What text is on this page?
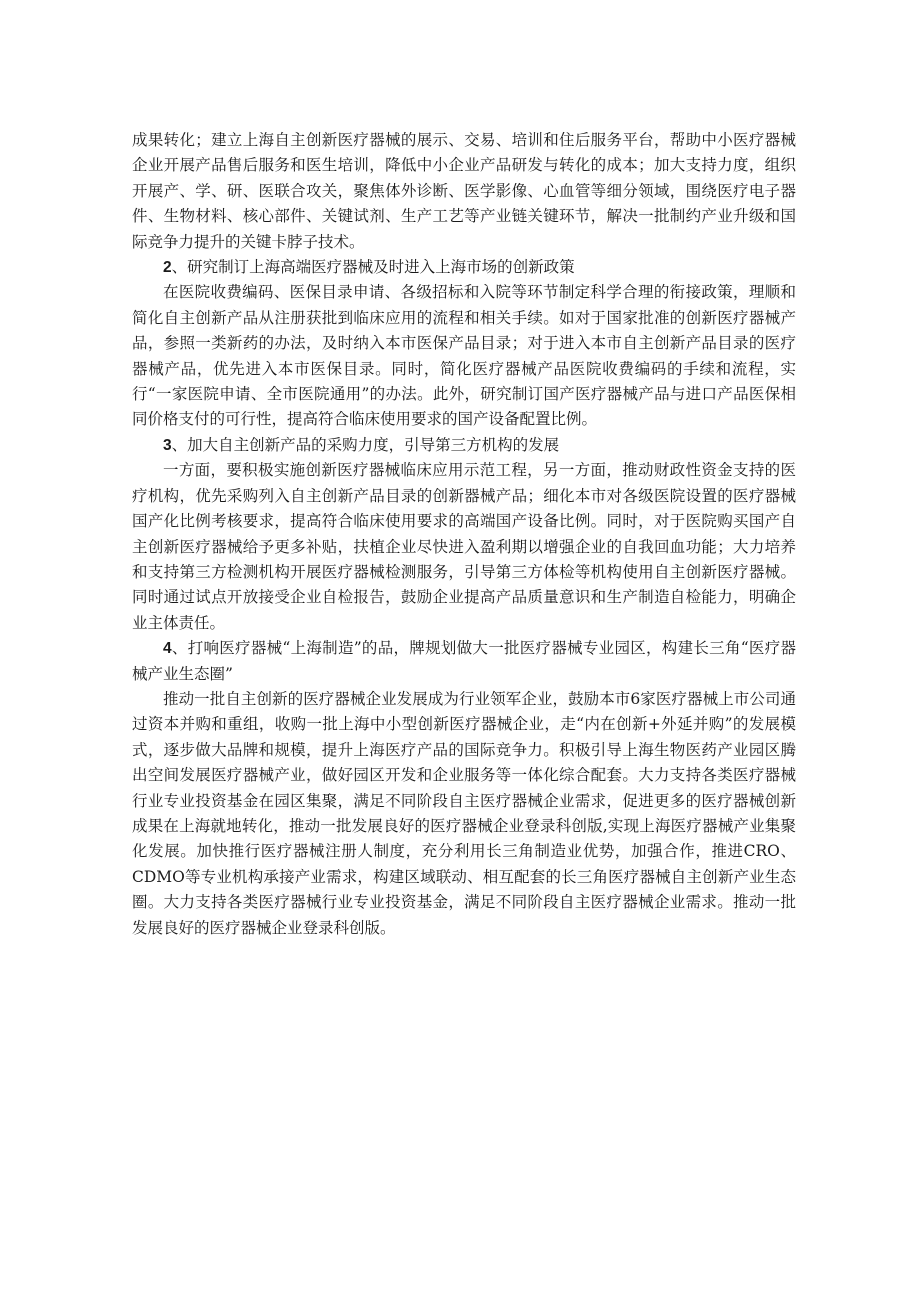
成果转化；建立上海自主创新医疗器械的展示、交易、培训和住后服务平台，帮助中小医疗器械企业开展产品售后服务和医生培训，降低中小企业产品研发与转化的成本；加大支持力度，组织开展产、学、研、医联合攻关，聚焦体外诊断、医学影像、心血管等细分领域，围绕医疗电子器件、生物材料、核心部件、关键试剂、生产工艺等产业链关键环节，解决一批制约产业升级和国际竞争力提升的关键卡脖子技术。

2、研究制订上海高端医疗器械及时进入上海市场的创新政策

在医院收费编码、医保目录申请、各级招标和入院等环节制定科学合理的衔接政策，理顺和简化自主创新产品从注册获批到临床应用的流程和相关手续。如对于国家批准的创新医疗器械产品，参照一类新药的办法，及时纳入本市医保产品目录；对于进入本市自主创新产品目录的医疗器械产品，优先进入本市医保目录。同时，简化医疗器械产品医院收费编码的手续和流程，实行“一家医院申请、全市医院通用”的办法。此外，研究制订国产医疗器械产品与进口产品医保相同价格支付的可行性，提高符合临床使用要求的国产设备配置比例。

3、加大自主创新产品的采购力度，引导第三方机构的发展

一方面，要积极实施创新医疗器械临床应用示范工程，另一方面，推动财政性资金支持的医疗机构，优先采购列入自主创新产品目录的创新器械产品；细化本市对各级医院设置的医疗器械国产化比例考核要求，提高符合临床使用要求的高端国产设备比例。同时，对于医院购买国产自主创新医疗器械给予更多补贴，扶植企业尽快进入盈利期以增强企业的自我回血功能；大力培养和支持第三方检测机构开展医疗器械检测服务，引导第三方体检等机构使用自主创新医疗器械。同时通过试点开放接受企业自检报告，鼓励企业提高产品质量意识和生产制造自检能力，明确企业主体责任。

4、打响医疗器械“上海制造”的品，牌规划做大一批医疗器械专业园区，构建长三角“医疗器械产业生态圈”

推动一批自主创新的医疗器械企业发展成为行业领军企业，鼓励本市6家医疗器械上市公司通过资本并购和重组，收购一批上海中小型创新医疗器械企业，走“内在创新+外延并购”的发展模式，逐步做大品牌和规模，提升上海医疗产品的国际竞争力。积极引导上海生物医药产业园区腾出空间发展医疗器械产业，做好园区开发和企业服务等一体化综合配套。大力支持各类医疗器械行业专业投资基金在园区集聚，满足不同阶段自主医疗器械企业需求，促进更多的医疗器械创新成果在上海就地转化，推动一批发展良好的医疗器械企业登录科创版,实现上海医疗器械产业集聚化发展。加快推行医疗器械注册人制度，充分利用长三角制造业优势，加强合作，推进CRO、CDMO等专业机构承接产业需求，构建区域联动、相互配套的长三角医疗器械自主创新产业生态圈。大力支持各类医疗器械行业专业投资基金，满足不同阶段自主医疗器械企业需求。推动一批发展良好的医疗器械企业登录科创版。
